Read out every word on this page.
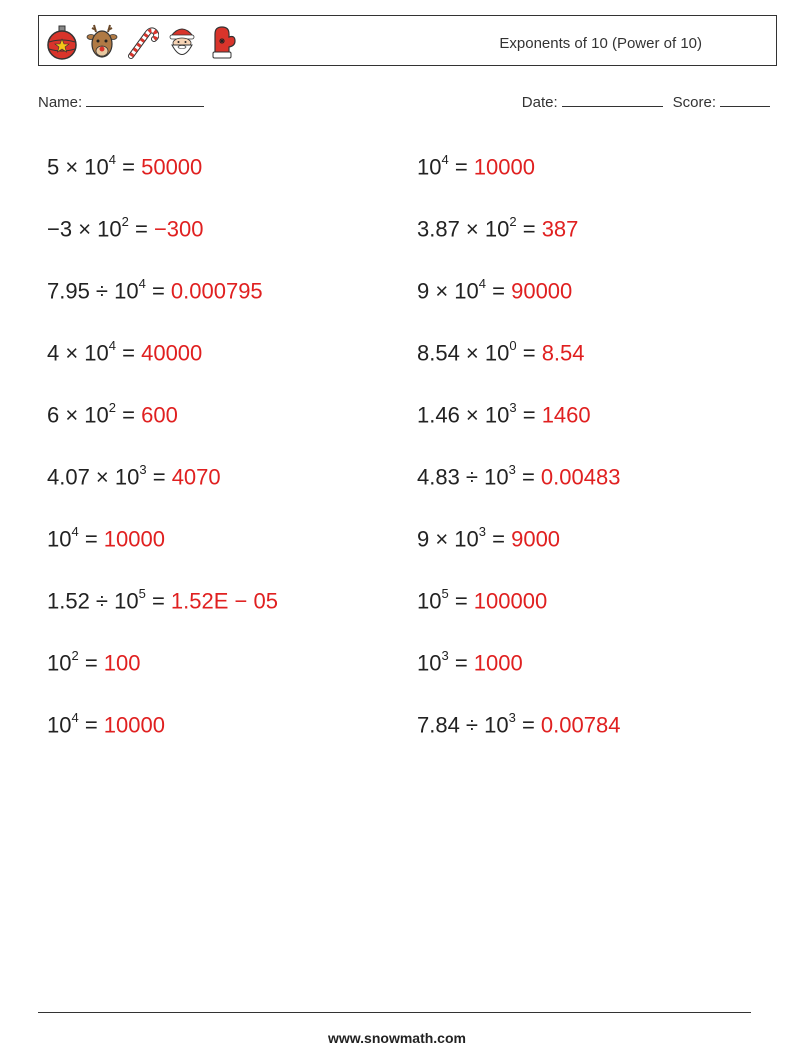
Exponents of 10 (Power of 10)
Name:	Date:	Score:
$5 \times 10^4 = 50000$	$10^4 = 10000$
$-3 \times 10^2 = -300$	$3.87 \times 10^2 = 387$
$7.95 \div 10^4 = 0.000795$	$9 \times 10^4 = 90000$
$4 \times 10^4 = 40000$	$8.54 \times 10^0 = 8.54$
$6 \times 10^2 = 600$	$1.46 \times 10^3 = 1460$
$4.07 \times 10^3 = 4070$	$4.83 \div 10^3 = 0.00483$
$10^4 = 10000$	$9 \times 10^3 = 9000$
$1.52 \div 10^5 = 1.52E - 05$	$10^5 = 100000$
$10^2 = 100$	$10^3 = 1000$
$10^4 = 10000$	$7.84 \div 10^3 = 0.00784$
www.snowmath.com
